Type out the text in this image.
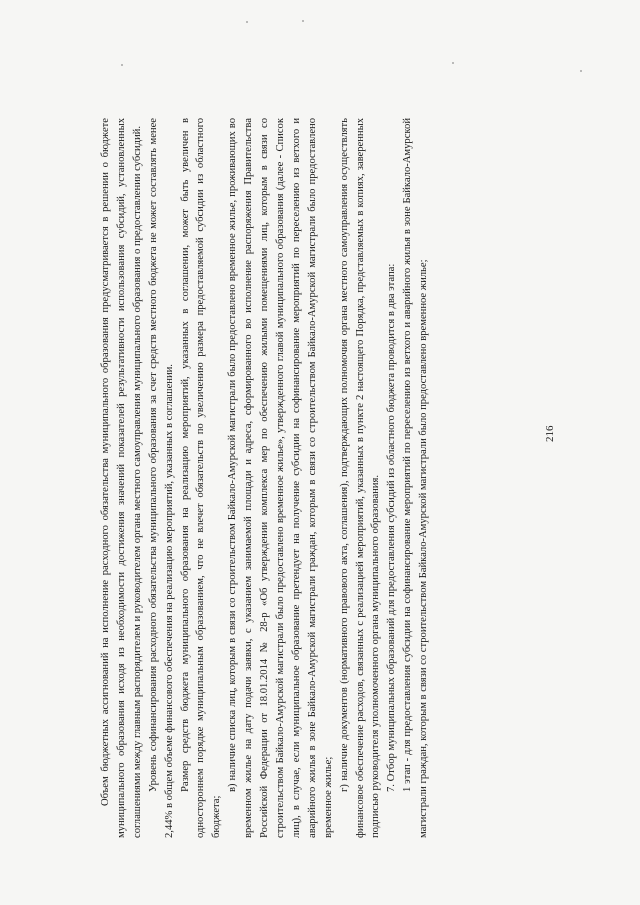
216

Объем бюджетных ассигнований на исполнение расходного обязательства муниципального образования предусматривается в решении о бюджете муниципального образования исходя из необходимости достижения значений показателей результативности использования субсидий, установленных соглашениями между главным распорядителем и руководителем органа местного самоуправления муниципального образования о предоставлении субсидий. Уровень софинансирования расходного обязательства муниципального образования за счет средств местного бюджета не может составлять менее 2,44% в общем объеме финансового обеспечения на реализацию мероприятий, указанных в соглашении. Размер средств бюджета муниципального образования на реализацию мероприятий, указанных в соглашении, может быть увеличен в одностороннем порядке муниципальным образованием, что не влечет обязательств по увеличению размера предоставляемой субсидии из областного бюджета;

в) наличие списка лиц, которым в связи со строительством Байкало-Амурской магистрали было предоставлено временное жилье, проживающих во временном жилье на дату подачи заявки, с указанием занимаемой площади и адреса, сформированного во исполнение распоряжения Правительства Российской Федерации от 18.01.2014 № 28-р «Об утверждении комплекса мер по обеспечению жилыми помещениями лиц, которым в связи со строительством Байкало-Амурской магистрали было предоставлено временное жилье», утвержденного главой муниципального образования (далее - Список лиц), в случае, если муниципальное образование претендует на получение субсидии на софинансирование мероприятий по переселению из ветхого и аварийного жилья в зоне Байкало-Амурской магистрали граждан, которым в связи со строительством Байкало-Амурской магистрали было предоставлено временное жилье;

г) наличие документов (нормативного правового акта, соглашения), подтверждающих полномочия органа местного самоуправления осуществлять финансовое обеспечение расходов, связанных с реализацией мероприятий, указанных в пункте 2 настоящего Порядка, представляемых в копиях, заверенных подписью руководителя уполномоченного органа муниципального образования. 7. Отбор муниципальных образований для предоставления субсидий из областного бюджета проводится в два этапа: 1 этап - для предоставления субсидии на софинансирование мероприятий по переселению из ветхого и аварийного жилья в зоне Байкало-Амурской магистрали граждан, которым в связи со строительством Байкало-Амурской магистрали было предоставлено временное жилье;
